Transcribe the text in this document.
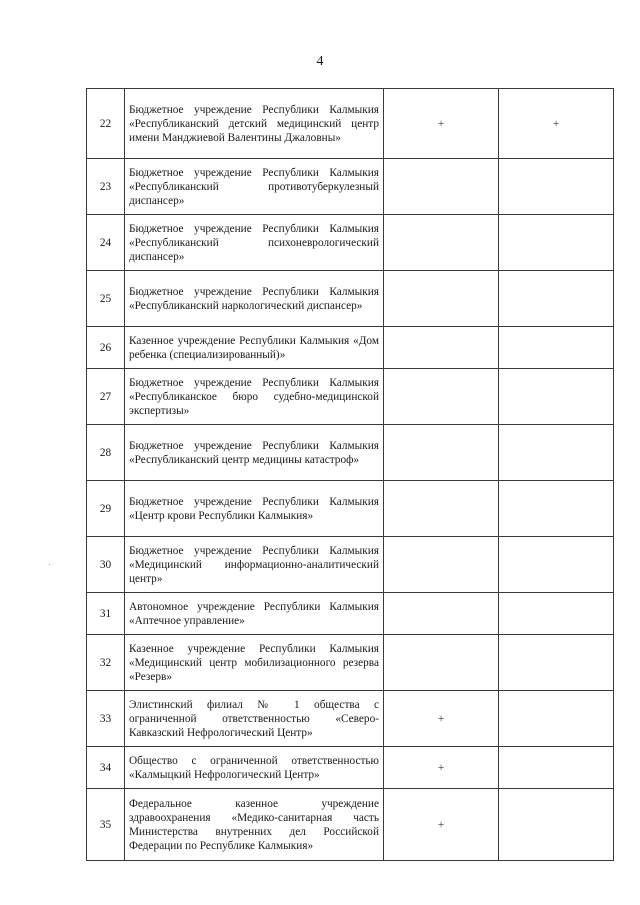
4
22	Бюджетное учреждение Республики Калмыкия «Республиканский детский медицинский центр имени Манджиевой Валентины Джаловны»	+	+
23	Бюджетное учреждение Республики Калмыкия «Республиканский противотуберкулезный диспансер»		
24	Бюджетное учреждение Республики Калмыкия «Республиканский психоневрологический диспансер»		
25	Бюджетное учреждение Республики Калмыкия «Республиканский наркологический диспансер»		
26	Казенное учреждение Республики Калмыкия «Дом ребенка (специализированный)»		
27	Бюджетное учреждение Республики Калмыкия «Республиканское бюро судебно-медицинской экспертизы»		
28	Бюджетное учреждение Республики Калмыкия «Республиканский центр медицины катастроф»		
29	Бюджетное учреждение Республики Калмыкия «Центр крови Республики Калмыкия»		
30	Бюджетное учреждение Республики Калмыкия «Медицинский информационно-аналитический центр»		
31	Автономное учреждение Республики Калмыкия «Аптечное управление»		
32	Казенное учреждение Республики Калмыкия «Медицинский центр мобилизационного резерва «Резерв»		
33	Элистинский филиал № 1 общества с ограниченной ответственностью «Северо-Кавказский Нефрологический Центр»	+	
34	Общество с ограниченной ответственностью «Калмыцкий Нефрологический Центр»	+	
35	Федеральное казенное учреждение здравоохранения «Медико-санитарная часть Министерства внутренних дел Российской Федерации по Республике Калмыкия»	+	
